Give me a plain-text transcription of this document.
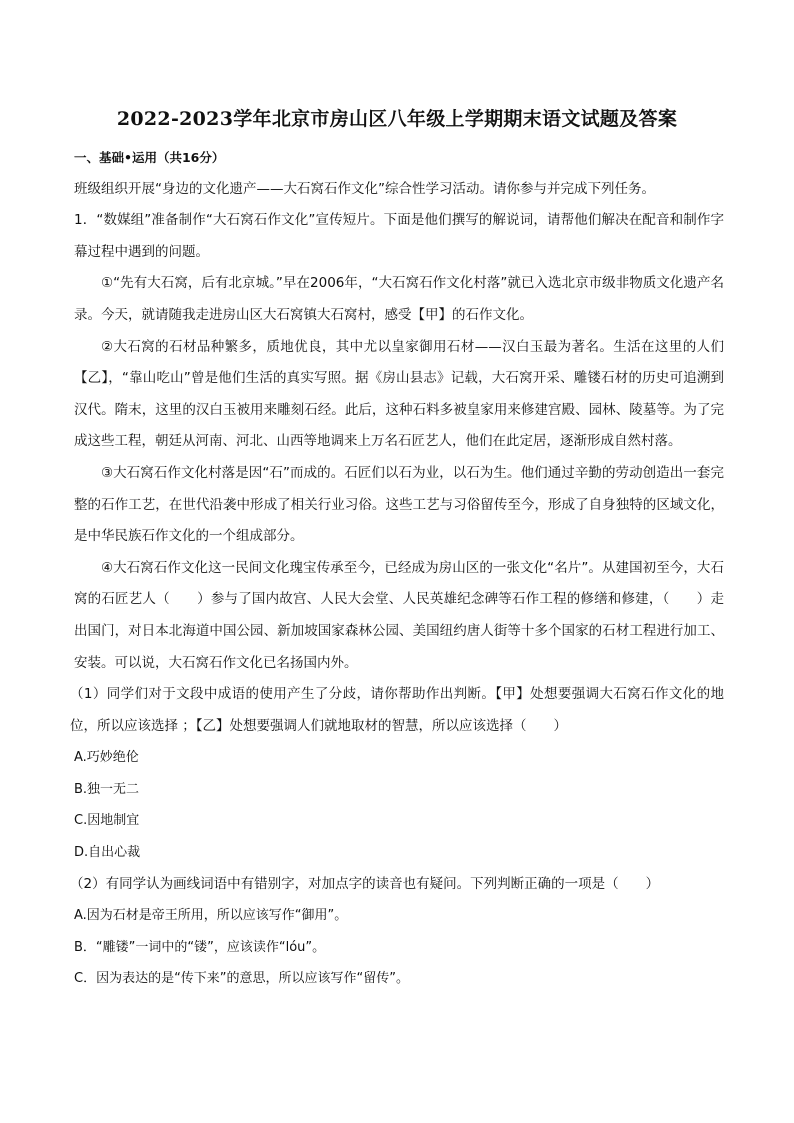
2022-2023学年北京市房山区八年级上学期期末语文试题及答案

一、基础•运用（共16分）

班级组织开展“身边的文化遗产——大石窝石作文化”综合性学习活动。请你参与并完成下列任务。

1．“数媒组”准备制作“大石窝石作文化”宣传短片。下面是他们撰写的解说词，请帮他们解决在配音和制作字幕过程中遇到的问题。

①“先有大石窝，后有北京城。”早在2006年，“大石窝石作文化村落”就已入选北京市级非物质文化遗产名录。今天，就请随我走进房山区大石窝镇大石窝村，感受【甲】的石作文化。

②大石窝的石材品种繁多，质地优良，其中尤以皇家御用石材——汉白玉最为著名。生活在这里的人们【乙】，“靠山吃山”曾是他们生活的真实写照。据《房山县志》记载，大石窝开采、雕镂石材的历史可追溯到汉代。隋末，这里的汉白玉被用来雕刻石经。此后，这种石料多被皇家用来修建宫殿、园林、陵墓等。为了完成这些工程，朝廷从河南、河北、山西等地调来上万名石匠艺人，他们在此定居，逐渐形成自然村落。

③大石窝石作文化村落是因“石”而成的。石匠们以石为业，以石为生。他们通过辛勤的劳动创造出一套完整的石作工艺，在世代沿袭中形成了相关行业习俗。这些工艺与习俗留传至今，形成了自身独特的区域文化，是中华民族石作文化的一个组成部分。

④大石窝石作文化这一民间文化瑰宝传承至今，已经成为房山区的一张文化“名片”。从建国初至今，大石窝的石匠艺人（　　）参与了国内故宫、人民大会堂、人民英雄纪念碑等石作工程的修缮和修建，（　　）走出国门，对日本北海道中国公园、新加坡国家森林公园、美国纽约唐人街等十多个国家的石材工程进行加工、安装。可以说，大石窝石作文化已名扬国内外。

（1）同学们对于文段中成语的使用产生了分歧，请你帮助作出判断。【甲】处想要强调大石窝石作文化的地位，所以应该选择 ；【乙】处想要强调人们就地取材的智慧，所以应该选择（　　）

A.巧妙绝伦

B.独一无二

C.因地制宜

D.自出心裁

（2）有同学认为画线词语中有错别字，对加点字的读音也有疑问。下列判断正确的一项是（　　）

A.因为石材是帝王所用，所以应该写作“御用”。

B．“雕镂”一词中的“镂”，应该读作“lóu”。

C．因为表达的是“传下来”的意思，所以应该写作“留传”。
